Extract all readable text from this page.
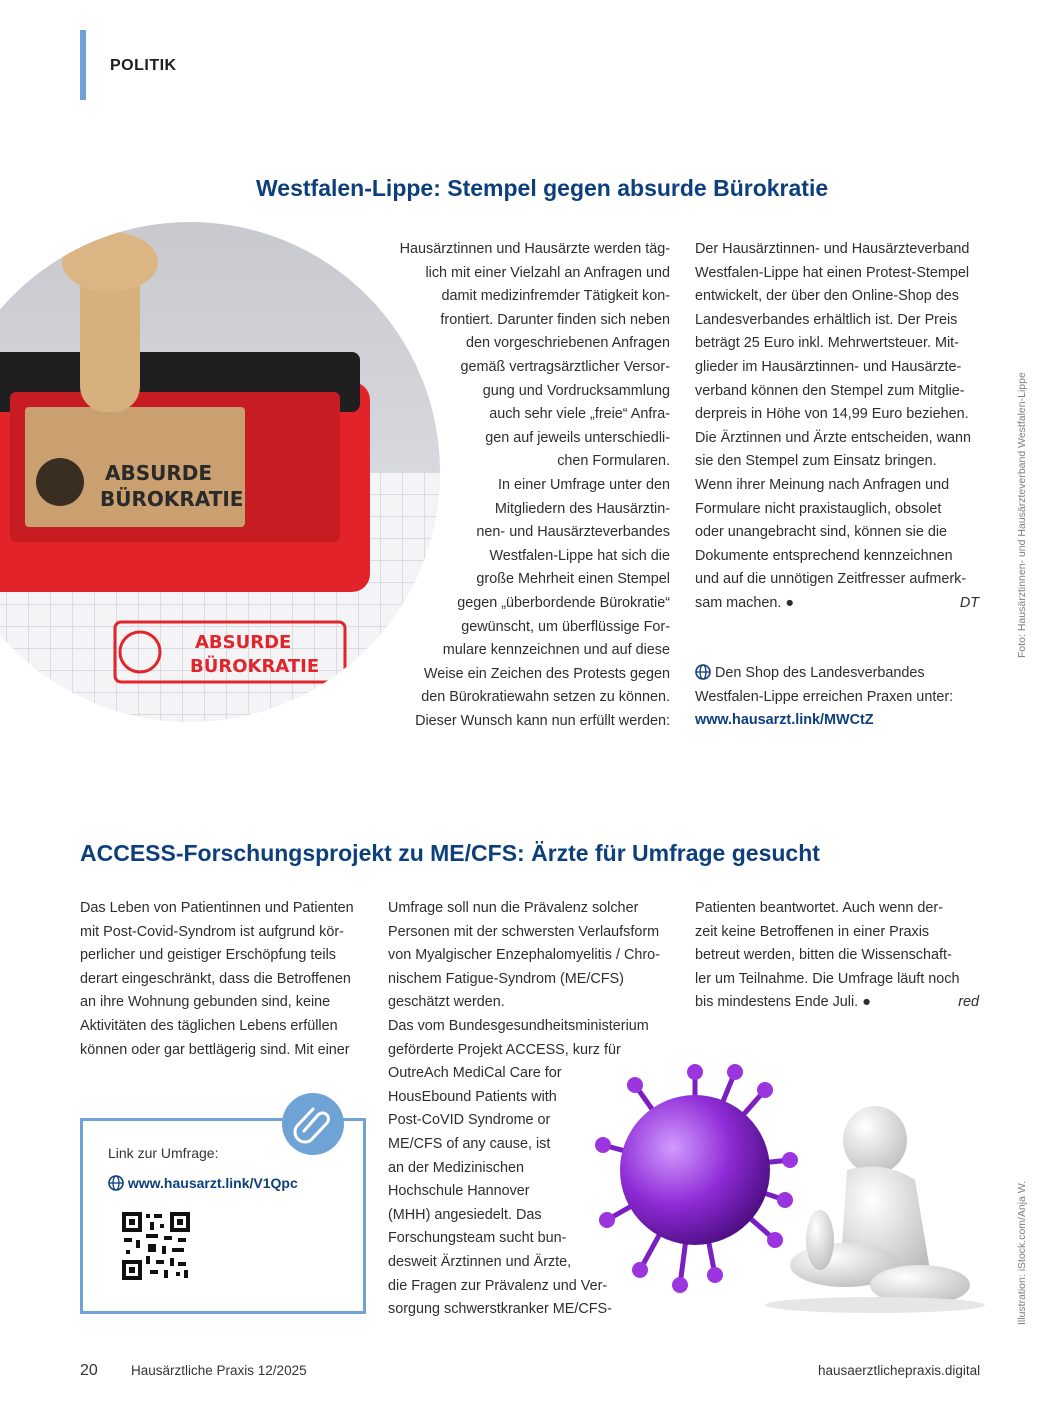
POLITIK
Westfalen-Lippe: Stempel gegen absurde Bürokratie
ABSURDE
BÜROKRATIE
ABSURDE
BÜROKRATIE
Hausärztinnen und Hausärzte werden täg-
lich mit einer Vielzahl an Anfragen und
damit medizinfremder Tätigkeit kon-
frontiert. Darunter finden sich neben
den vorgeschriebenen Anfragen
gemäß vertragsärztlicher Versor-
gung und Vordrucksammlung
auch sehr viele „freie“ Anfra-
gen auf jeweils unterschiedli-
chen Formularen.
In einer Umfrage unter den
Mitgliedern des Hausärztin-
nen- und Hausärzteverbandes
Westfalen-Lippe hat sich die
große Mehrheit einen Stempel
gegen „überbordende Bürokratie“
gewünscht, um überflüssige For-
mulare kennzeichnen und auf diese
Weise ein Zeichen des Protests gegen
den Bürokratiewahn setzen zu können.
Dieser Wunsch kann nun erfüllt werden:
Der Hausärztinnen- und Hausärzteverband
Westfalen-Lippe hat einen Protest-Stempel
entwickelt, der über den Online-Shop des
Landesverbandes erhältlich ist. Der Preis
beträgt 25 Euro inkl. Mehrwertsteuer. Mit-
glieder im Hausärztinnen- und Hausärzte-
verband können den Stempel zum Mitglie-
derpreis in Höhe von 14,99 Euro beziehen.
Die Ärztinnen und Ärzte entscheiden, wann
sie den Stempel zum Einsatz bringen.
Wenn ihrer Meinung nach Anfragen und
Formulare nicht praxistauglich, obsolet
oder unangebracht sind, können sie die
Dokumente entsprechend kennzeichnen
und auf die unnötigen Zeitfresser aufmerk-
sam machen. ●	DT
Den Shop des Landesverbandes
Westfalen-Lippe erreichen Praxen unter:
www.hausarzt.link/MWCtZ
Foto: Hausärztinnen- und Hausärzteverband Westfalen-Lippe
ACCESS-Forschungsprojekt zu ME/CFS: Ärzte für Umfrage gesucht
Das Leben von Patientinnen und Patienten
mit Post-Covid-Syndrom ist aufgrund kör-
perlicher und geistiger Erschöpfung teils
derart eingeschränkt, dass die Betroffenen
an ihre Wohnung gebunden sind, keine
Aktivitäten des täglichen Lebens erfüllen
können oder gar bettlägerig sind. Mit einer
Link zur Umfrage:
www.hausarzt.link/V1Qpc
Umfrage soll nun die Prävalenz solcher
Personen mit der schwersten Verlaufsform
von Myalgischer Enzephalomyelitis / Chro-
nischem Fatigue-Syndrom (ME/CFS)
geschätzt werden.
Das vom Bundesgesundheitsministerium
geförderte Projekt ACCESS, kurz für
OutreAch MediCal Care for
HousEbound Patients with
Post-CoVID Syndrome or
ME/CFS of any cause, ist
an der Medizinischen
Hochschule Hannover
(MHH) angesiedelt. Das
Forschungsteam sucht bun-
desweit Ärztinnen und Ärzte,
die Fragen zur Prävalenz und Ver-
sorgung schwerstkranker ME/CFS-
Patienten beantwortet. Auch wenn der-
zeit keine Betroffenen in einer Praxis
betreut werden, bitten die Wissenschaft-
ler um Teilnahme. Die Umfrage läuft noch
bis mindestens Ende Juli. ●	red
Illustration: iStock.com/Anja W.
20 Hausärztliche Praxis 12/2025	hausaerztlichepraxis.digital
